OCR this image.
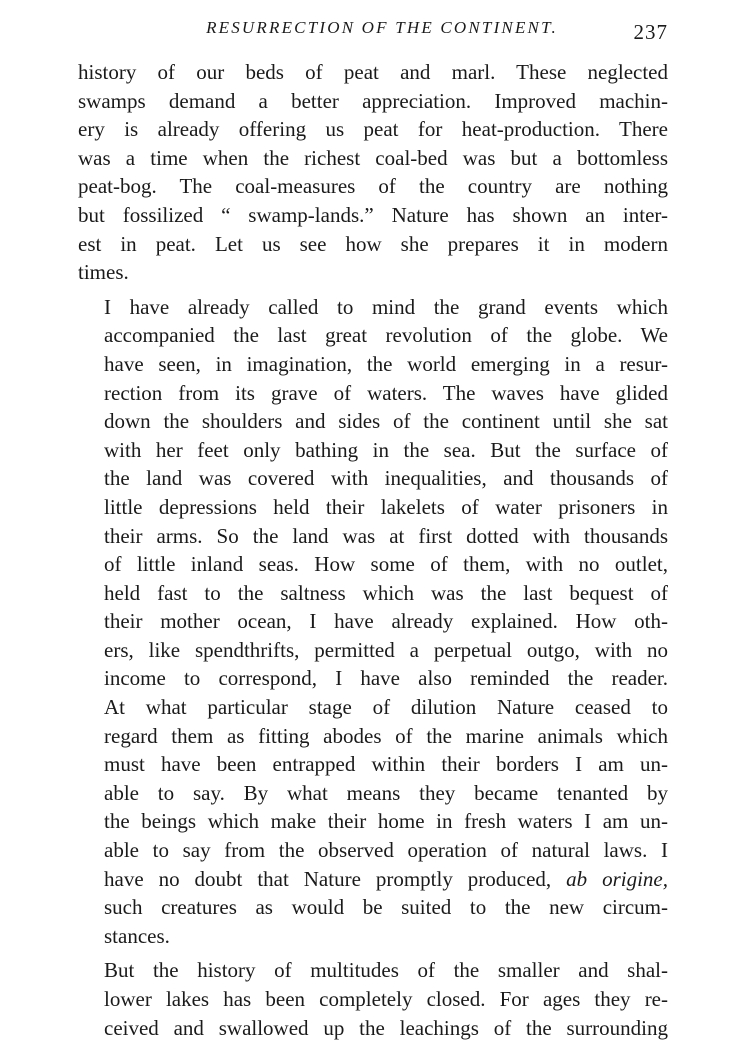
RESURRECTION OF THE CONTINENT.	237

history of our beds of peat and marl. These neglected
swamps demand a better appreciation. Improved machin-
ery is already offering us peat for heat-production. There
was a time when the richest coal-bed was but a bottomless
peat-bog. The coal-measures of the country are nothing
but fossilized “ swamp-lands.” Nature has shown an inter-
est in peat. Let us see how she prepares it in modern
times.

I have already called to mind the grand events which
accompanied the last great revolution of the globe. We
have seen, in imagination, the world emerging in a resur-
rection from its grave of waters. The waves have glided
down the shoulders and sides of the continent until she sat
with her feet only bathing in the sea. But the surface of
the land was covered with inequalities, and thousands of
little depressions held their lakelets of water prisoners in
their arms. So the land was at first dotted with thousands
of little inland seas. How some of them, with no outlet,
held fast to the saltness which was the last bequest of
their mother ocean, I have already explained. How oth-
ers, like spendthrifts, permitted a perpetual outgo, with no
income to correspond, I have also reminded the reader.
At what particular stage of dilution Nature ceased to
regard them as fitting abodes of the marine animals which
must have been entrapped within their borders I am un-
able to say. By what means they became tenanted by
the beings which make their home in fresh waters I am un-
able to say from the observed operation of natural laws. I
have no doubt that Nature promptly produced, ab origine,
such creatures as would be suited to the new circum-
stances.

But the history of multitudes of the smaller and shal-
lower lakes has been completely closed. For ages they re-
ceived and swallowed up the leachings of the surrounding
